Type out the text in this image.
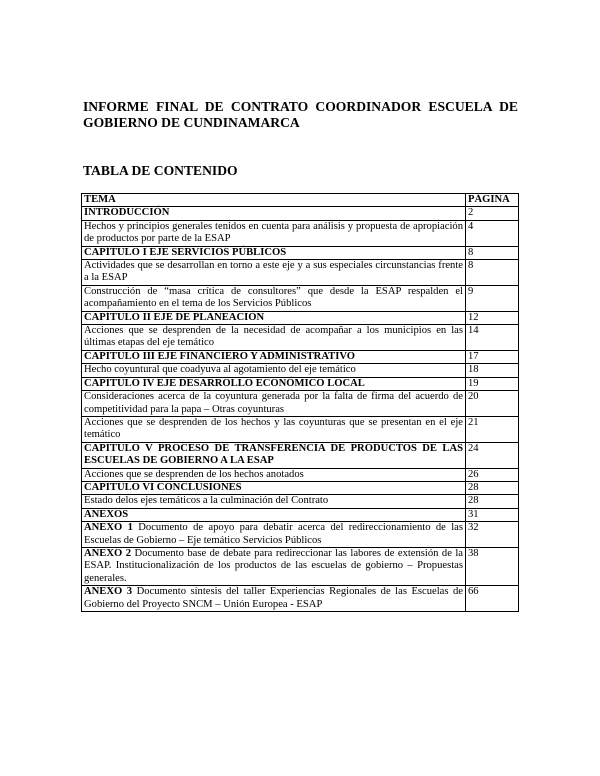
INFORME FINAL DE CONTRATO COORDINADOR ESCUELA DE GOBIERNO DE CUNDINAMARCA
TABLA DE CONTENIDO
TEMA	PÁGINA
INTRODUCCIÓN	2
Hechos y principios generales tenidos en cuenta para análisis y propuesta de apropiación de productos por parte de la ESAP	4
CAPÍTULO I EJE SERVICIOS PÚBLICOS	8
Actividades que se desarrollan en torno a este eje y a sus especiales circunstancias frente a la ESAP	8
Construcción de “masa crítica de consultores” que desde la ESAP respalden el acompañamiento en el tema de los Servicios Públicos	9
CAPÍTULO II EJE DE PLANEACIÓN	12
Acciones que se desprenden de la necesidad de acompañar a los municipios en las últimas etapas del eje temático	14
CAPITULO III EJE FINANCIERO Y ADMINISTRATIVO	17
Hecho coyuntural que coadyuva al agotamiento del eje temático	18
CAPITULO IV EJE DESARROLLO ECONÓMICO LOCAL	19
Consideraciones acerca de la coyuntura generada por la falta de firma del acuerdo de competitividad para la papa – Otras coyunturas	20
Acciones que se desprenden de los hechos y las coyunturas que se presentan en el eje temático	21
CAPITULO V PROCESO DE TRANSFERENCIA DE PRODUCTOS DE LAS ESCUELAS DE GOBIERNO A LA ESAP	24
Acciones que se desprenden de los hechos anotados	26
CAPITULO VI CONCLUSIONES	28
Estado delos ejes temáticos a la culminación del Contrato	28
ANEXOS	31
ANEXO 1 Documento de apoyo para debatir acerca del redireccionamiento de las Escuelas de Gobierno – Eje temático Servicios Públicos	32
ANEXO 2 Documento base de debate para redireccionar las labores de extensión de la ESAP. Institucionalización de los productos de las escuelas de gobierno – Propuestas generales.	38
ANEXO 3 Documento síntesis del taller Experiencias Regionales de las Escuelas de Gobierno del Proyecto SNCM – Unión Europea - ESAP	66
